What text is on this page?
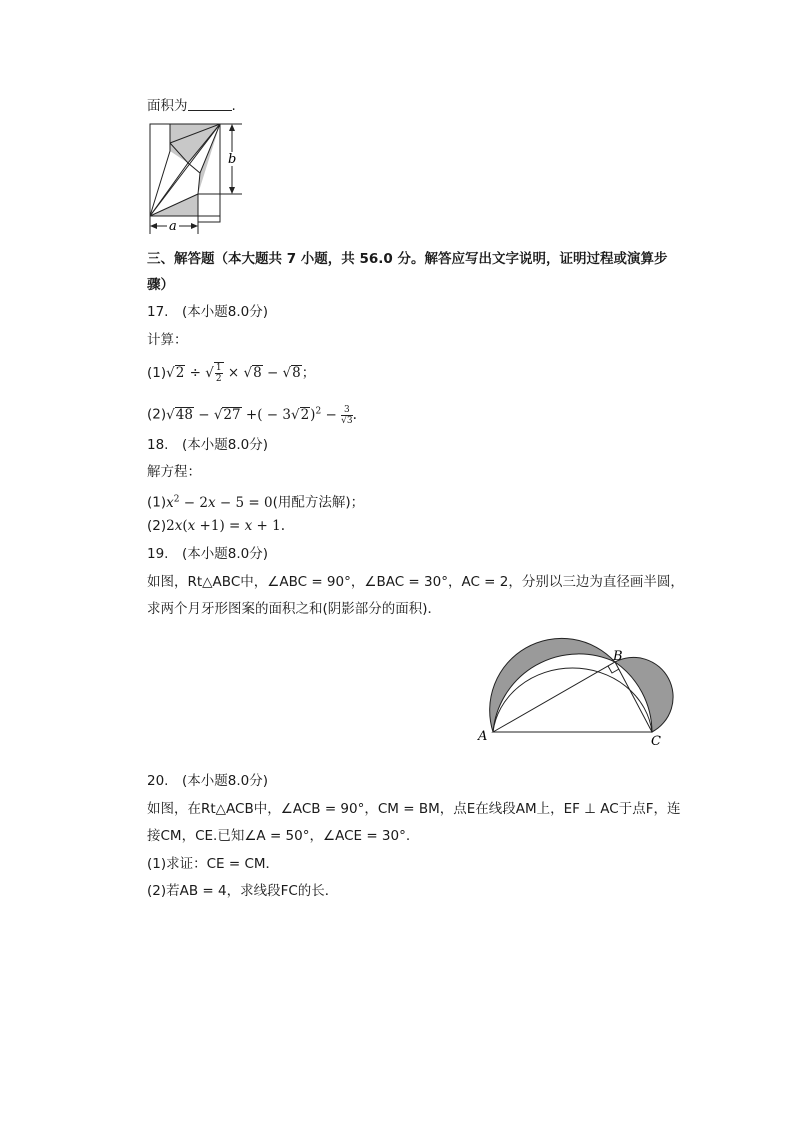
面积为	.
b
a
三、解答题（本大题共 7 小题，共 56.0 分。解答应写出文字说明，证明过程或演算步
骤）
17.　(本小题8.0分)
计算：
(1)√2 ÷ √ $\frac{1}{2} \times √8 - √8$；
(2)√48 − √27 +( − $3√2)^2 - \frac{3}{√3}$ .
18.　(本小题8.0分)
解方程：
$(1)x^2 - 2x - 5 = 0$(用配方法解)；
(2)2x(x +1) = x + 1.
19.　(本小题8.0分)
如图，Rt△ABC中，∠ABC = 90°，∠BAC = 30°，AC = 2，分别以三边为直径画半圆，
求两个月牙形图案的面积之和(阴影部分的面积)．
A
B
C
20.　(本小题8.0分)
如图，在Rt△ACB中，∠ACB = 90°，CM = BM，点E在线段AM上，EF ⊥ AC于点F，连
接CM，CE.已知∠A = 50°，∠ACE = 30°.
(1)求证：CE = CM．
(2)若AB = 4，求线段FC的长．
